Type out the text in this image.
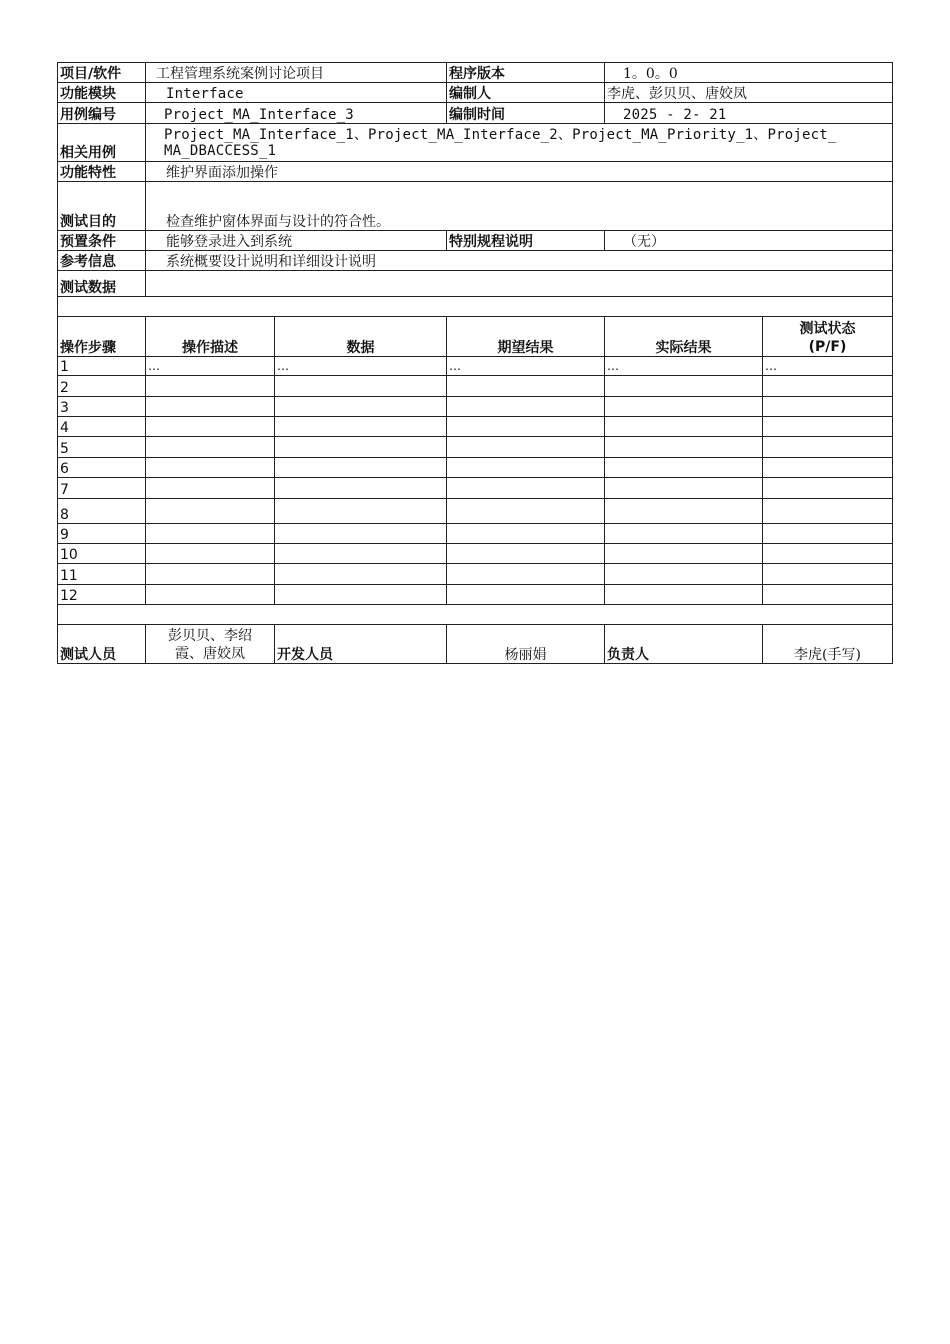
项目/软件	工程管理系统案例讨论项目		程序版本	1。0。0	
功能模块	Interface		编制人	李虎、彭贝贝、唐姣凤	
用例编号	Project_MA_Interface_3		编制时间	2025 - 2- 21	
相关用例	Project_MA_Interface_1、Project_MA_Interface_2、Project_MA_Priority_1、Project_
MA_DBACCESS_1				

功能特性	维护界面添加操作				
测试目的	检查维护窗体界面与设计的符合性。				
预置条件	能够登录进入到系统		特别规程说明	（无）	
参考信息	系统概要设计说明和详细设计说明				
测试数据					

操作步骤	操作描述	数据	期望结果	实际结果	测试状态
(P/F)

1	…	…	…	…	…
2					
3					
4					
5					
6					
7					
8					
9					
10					
11					
12					

测试人员	彭贝贝、李绍
霞、唐姣凤	开发人员	杨丽娟	负责人	李虎(手写)
